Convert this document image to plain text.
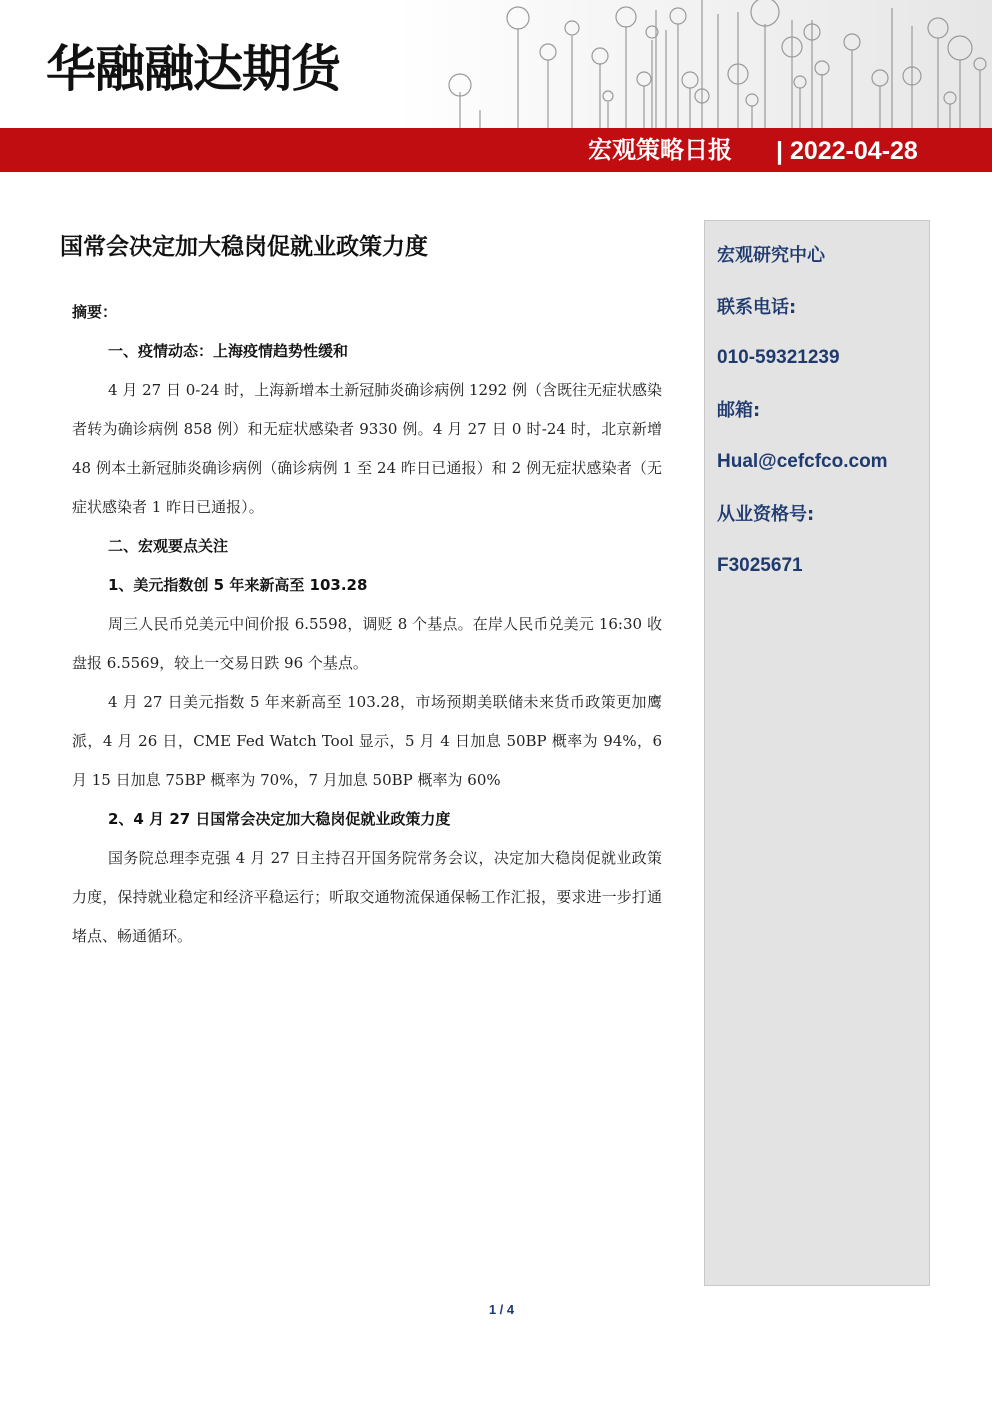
华融融达期货
宏观策略日报 | 2022-04-28
国常会决定加大稳岗促就业政策力度

摘要：

一、疫情动态：上海疫情趋势性缓和

4 月 27 日 0-24 时，上海新增本土新冠肺炎确诊病例 1292 例（含既往无症状感染者转为确诊病例 858 例）和无症状感染者 9330 例。4 月 27 日 0 时-24 时，北京新增 48 例本土新冠肺炎确诊病例（确诊病例 1 至 24 昨日已通报）和 2 例无症状感染者（无症状感染者 1 昨日已通报）。

二、宏观要点关注

1、美元指数创 5 年来新高至 103.28

周三人民币兑美元中间价报 6.5598，调贬 8 个基点。在岸人民币兑美元 16:30 收盘报 6.5569，较上一交易日跌 96 个基点。

4 月 27 日美元指数 5 年来新高至 103.28，市场预期美联储未来货币政策更加鹰派，4 月 26 日，CME Fed Watch Tool 显示，5 月 4 日加息 50BP 概率为 94%，6 月 15 日加息 75BP 概率为 70%，7 月加息 50BP 概率为 60%

2、4 月 27 日国常会决定加大稳岗促就业政策力度

国务院总理李克强 4 月 27 日主持召开国务院常务会议，决定加大稳岗促就业政策力度，保持就业稳定和经济平稳运行；听取交通物流保通保畅工作汇报，要求进一步打通堵点、畅通循环。

宏观研究中心
联系电话:
010-59321239
邮箱:
Hual@cefcfco.com
从业资格号:
F3025671
1 / 4
